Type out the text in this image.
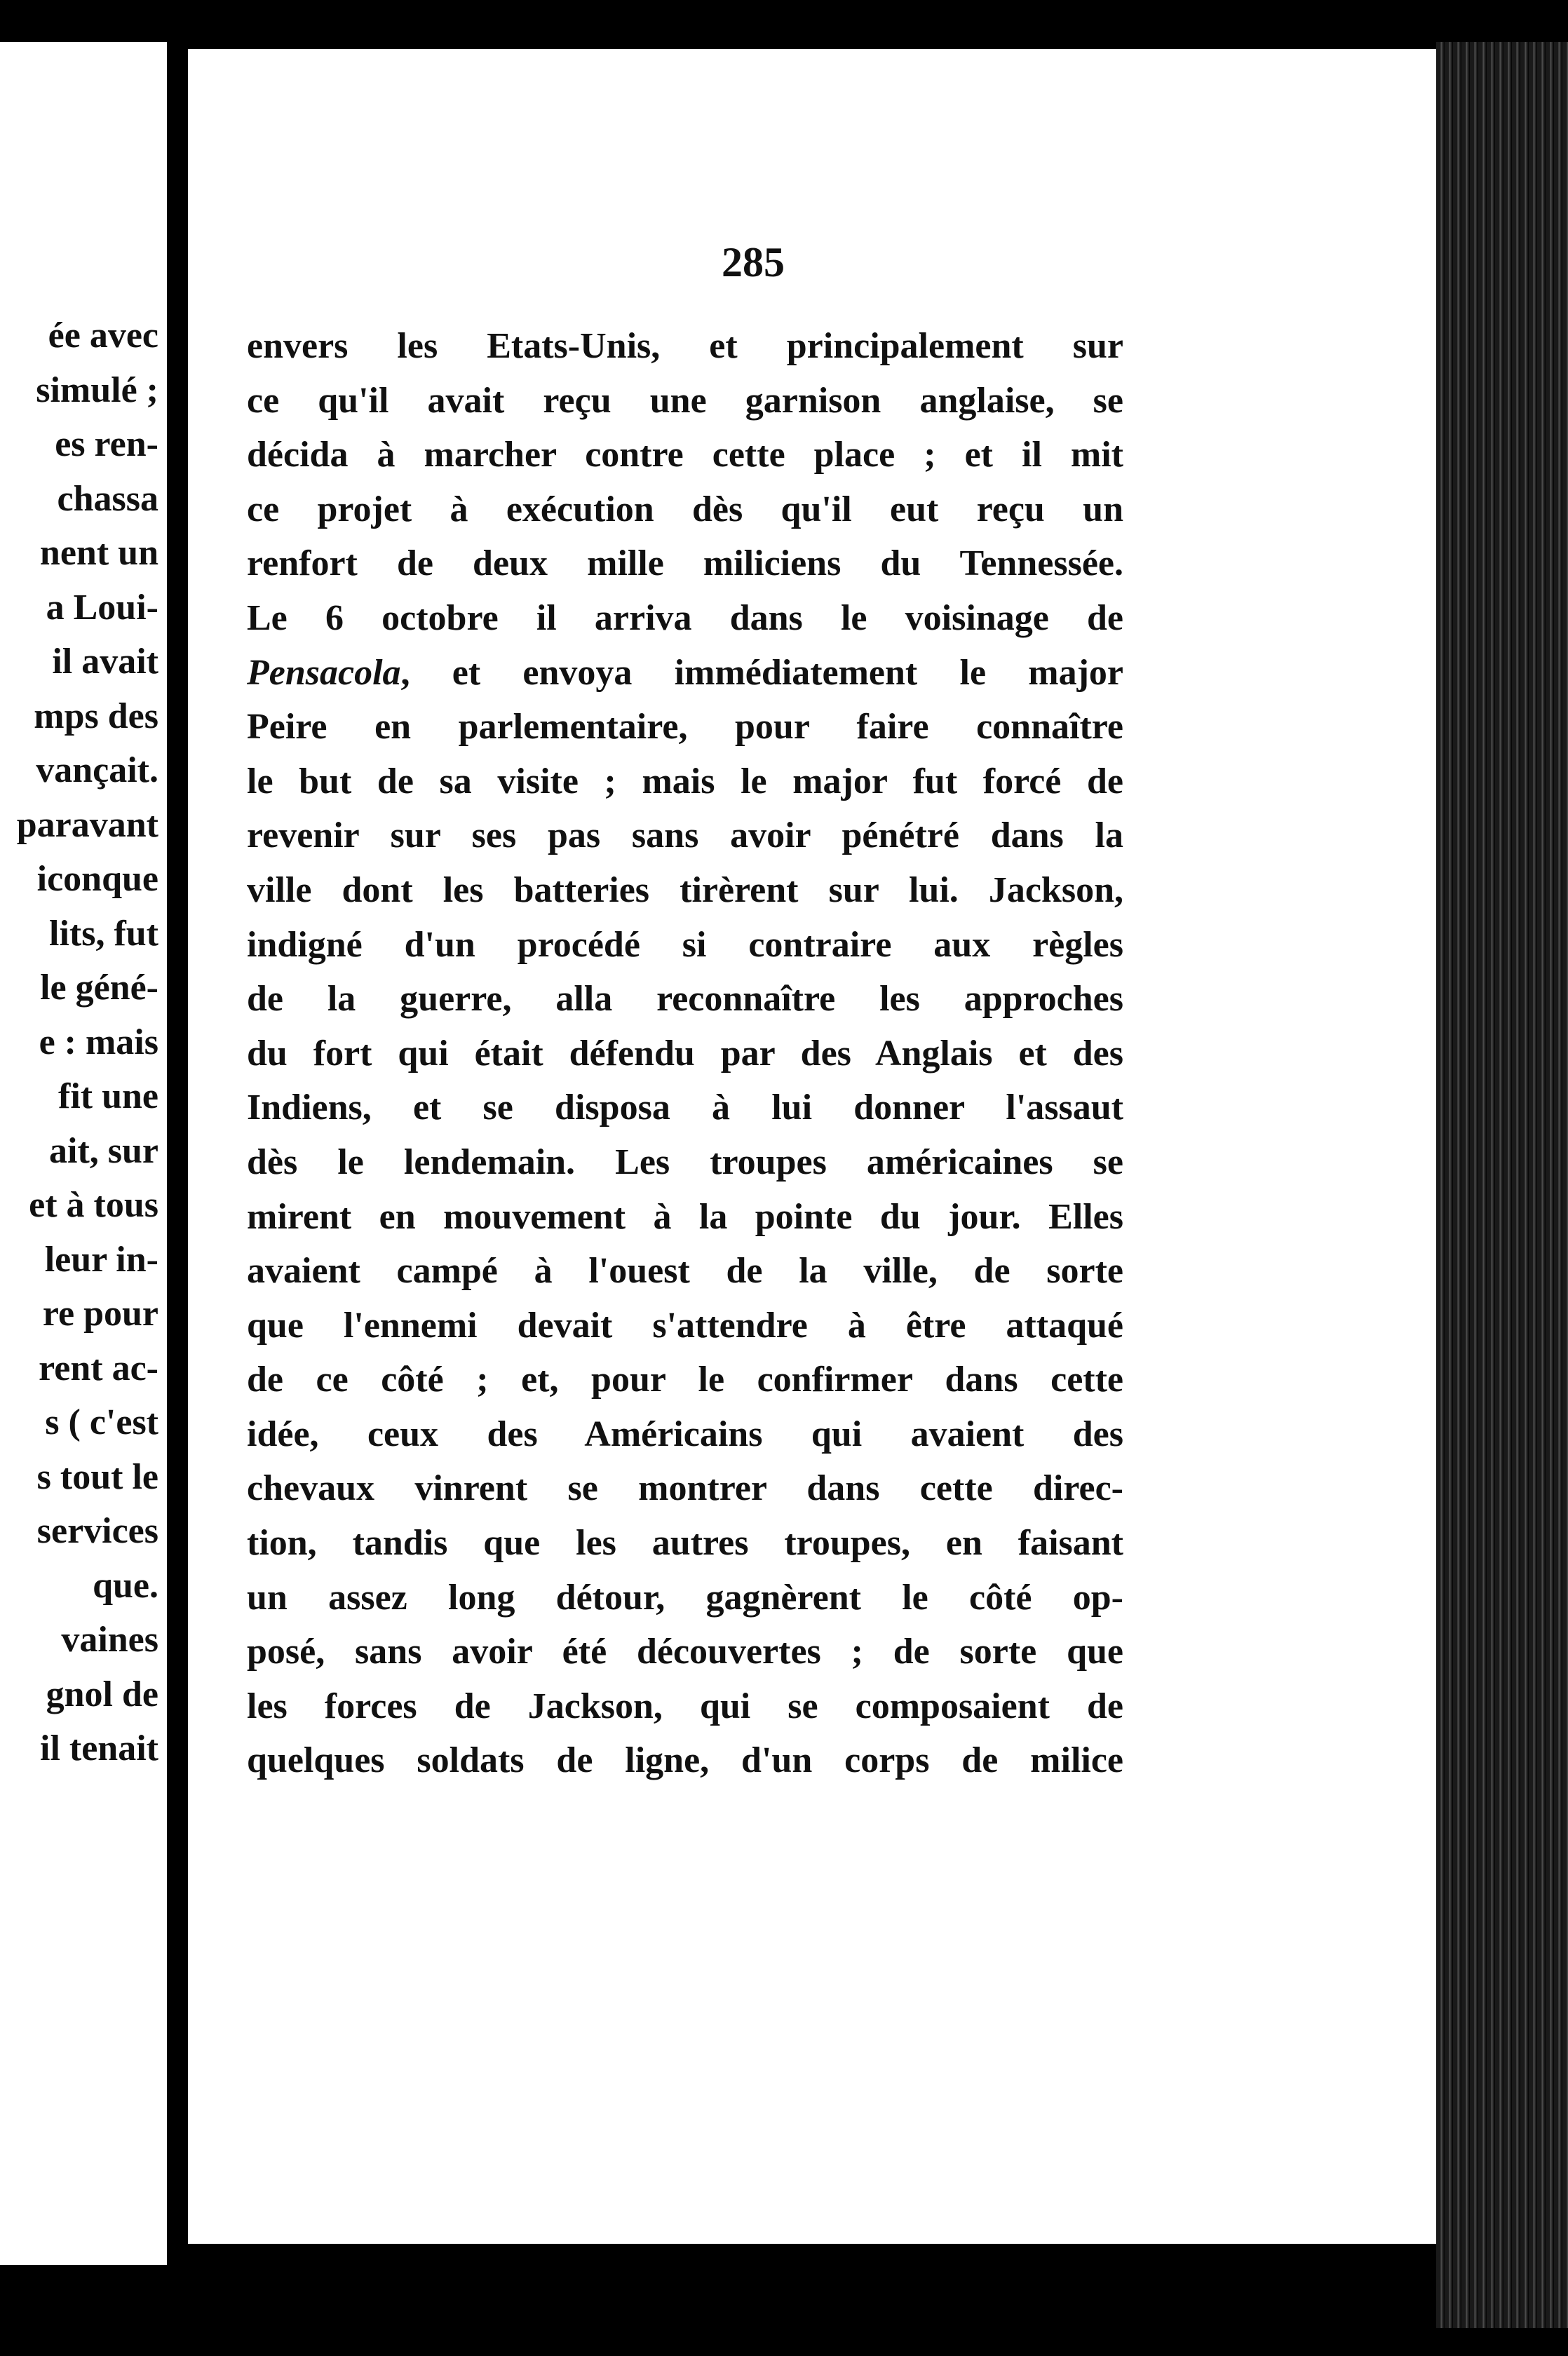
ée avec
simulé ;
es ren-
chassa
nent un
a Loui-
il avait
mps des
vançait.
paravant
iconque
lits, fut
le géné-
e : mais
fit une
ait, sur
et à tous
leur in-
re pour
rent ac-
s ( c'est
s tout le
services
que.
vaines
gnol de
il tenait
285
envers les Etats-Unis, et principalement sur
ce qu'il avait reçu une garnison anglaise, se
décida à marcher contre cette place ; et il mit
ce projet à exécution dès qu'il eut reçu un
renfort de deux mille miliciens du Tennessée.
Le 6 octobre il arriva dans le voisinage de
Pensacola, et envoya immédiatement le major
Peire en parlementaire, pour faire connaître
le but de sa visite ; mais le major fut forcé de
revenir sur ses pas sans avoir pénétré dans la
ville dont les batteries tirèrent sur lui. Jackson,
indigné d'un procédé si contraire aux règles
de la guerre, alla reconnaître les approches
du fort qui était défendu par des Anglais et des
Indiens, et se disposa à lui donner l'assaut
dès le lendemain. Les troupes américaines se
mirent en mouvement à la pointe du jour. Elles
avaient campé à l'ouest de la ville, de sorte
que l'ennemi devait s'attendre à être attaqué
de ce côté ; et, pour le confirmer dans cette
idée, ceux des Américains qui avaient des
chevaux vinrent se montrer dans cette direc-
tion, tandis que les autres troupes, en faisant
un assez long détour, gagnèrent le côté op-
posé, sans avoir été découvertes ; de sorte que
les forces de Jackson, qui se composaient de
quelques soldats de ligne, d'un corps de milice
